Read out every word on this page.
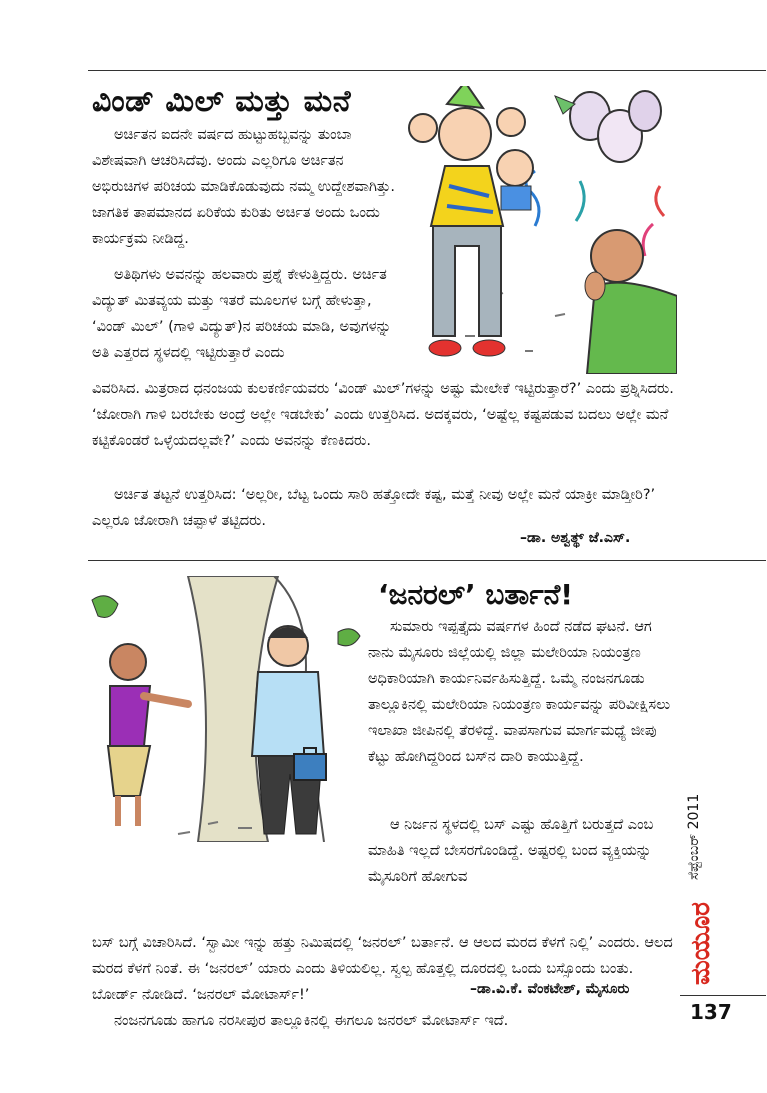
ವಿಂಡ್ ಮಿಲ್ ಮತ್ತು ಮನೆ

ಅರ್ಚಿತನ ಐದನೇ ವರ್ಷದ ಹುಟ್ಟುಹಬ್ಬವನ್ನು ತುಂಬಾ ವಿಶೇಷವಾಗಿ ಆಚರಿಸಿದೆವು. ಅಂದು ಎಲ್ಲರಿಗೂ ಅರ್ಚಿತನ ಅಭಿರುಚಿಗಳ ಪರಿಚಯ ಮಾಡಿಕೊಡುವುದು ನಮ್ಮ ಉದ್ದೇಶವಾಗಿತ್ತು. ಜಾಗತಿಕ ತಾಪಮಾನದ ಏರಿಕೆಯ ಕುರಿತು ಅರ್ಚಿತ ಅಂದು ಒಂದು ಕಾರ್ಯಕ್ರಮ ನೀಡಿದ್ದ.

ಅತಿಥಿಗಳು ಅವನನ್ನು ಹಲವಾರು ಪ್ರಶ್ನೆ ಕೇಳುತ್ತಿದ್ದರು. ಅರ್ಚಿತ ವಿದ್ಯುತ್ ಮಿತವ್ಯಯ ಮತ್ತು ಇತರೆ ಮೂಲಗಳ ಬಗ್ಗೆ ಹೇಳುತ್ತಾ, ‘ವಿಂಡ್ ಮಿಲ್’ (ಗಾಳಿ ವಿದ್ಯುತ್)ನ ಪರಿಚಯ ಮಾಡಿ, ಅವುಗಳನ್ನು ಅತಿ ಎತ್ತರದ ಸ್ಥಳದಲ್ಲಿ ಇಟ್ಟಿರುತ್ತಾರೆ ಎಂದು

ವಿವರಿಸಿದ. ಮಿತ್ರರಾದ ಧನಂಜಯ ಕುಲಕರ್ಣಿಯವರು ‘ವಿಂಡ್ ಮಿಲ್’ಗಳನ್ನು ಅಷ್ಟು ಮೇಲೇಕೆ ಇಟ್ಟಿರುತ್ತಾರೆ?’ ಎಂದು ಪ್ರಶ್ನಿಸಿದರು. ‘ಜೋರಾಗಿ ಗಾಳಿ ಬರಬೇಕು ಅಂದ್ರೆ ಅಲ್ಲೇ ಇಡಬೇಕು’ ಎಂದು ಉತ್ತರಿಸಿದ. ಅದಕ್ಕವರು, ‘ಅಷ್ಟೆಲ್ಲ ಕಷ್ಟಪಡುವ ಬದಲು ಅಲ್ಲೇ ಮನೆ ಕಟ್ಟಿಕೊಂಡರೆ ಒಳ್ಳೆಯದಲ್ಲವೇ?’ ಎಂದು ಅವನನ್ನು ಕೆಣಕಿದರು.

ಅರ್ಚಿತ ತಟ್ಟನೆ ಉತ್ತರಿಸಿದ: ‘ಅಲ್ಲರೀ, ಬೆಟ್ಟ ಒಂದು ಸಾರಿ ಹತ್ತೋದೇ ಕಷ್ಟ, ಮತ್ತೆ ನೀವು ಅಲ್ಲೇ ಮನೆ ಯಾಕ್ರೀ ಮಾಡ್ತೀರಿ?’ ಎಲ್ಲರೂ ಜೋರಾಗಿ ಚಪ್ಪಾಳೆ ತಟ್ಟಿದರು.

–ಡಾ. ಅಶ್ವತ್ಥ್ ಜೆ.ಎಸ್.
‘ಜನರಲ್’ ಬರ್ತಾನೆ!

ಸುಮಾರು ಇಪ್ಪತ್ತೈದು ವರ್ಷಗಳ ಹಿಂದೆ ನಡೆದ ಘಟನೆ. ಆಗ ನಾನು ಮೈಸೂರು ಜಿಲ್ಲೆಯಲ್ಲಿ ಜಿಲ್ಲಾ ಮಲೇರಿಯಾ ನಿಯಂತ್ರಣ ಅಧಿಕಾರಿಯಾಗಿ ಕಾರ್ಯನಿರ್ವಹಿಸುತ್ತಿದ್ದೆ. ಒಮ್ಮೆ ನಂಜನಗೂಡು ತಾಲ್ಲೂಕಿನಲ್ಲಿ ಮಲೇರಿಯಾ ನಿಯಂತ್ರಣ ಕಾರ್ಯವನ್ನು ಪರಿವೀಕ್ಷಿಸಲು ಇಲಾಖಾ ಜೀಪಿನಲ್ಲಿ ತೆರಳಿದ್ದೆ. ವಾಪಸಾಗುವ ಮಾರ್ಗಮಧ್ಯೆ ಜೀಪು ಕೆಟ್ಟು ಹೋಗಿದ್ದರಿಂದ ಬಸ್‌ನ ದಾರಿ ಕಾಯುತ್ತಿದ್ದೆ.

ಆ ನಿರ್ಜನ ಸ್ಥಳದಲ್ಲಿ ಬಸ್ ಎಷ್ಟು ಹೊತ್ತಿಗೆ ಬರುತ್ತದೆ ಎಂಬ ಮಾಹಿತಿ ಇಲ್ಲದೆ ಬೇಸರಗೊಂಡಿದ್ದೆ. ಅಷ್ಟರಲ್ಲಿ ಬಂದ ವ್ಯಕ್ತಿಯನ್ನು ಮೈಸೂರಿಗೆ ಹೋಗುವ

ಬಸ್ ಬಗ್ಗೆ ವಿಚಾರಿಸಿದೆ. ‘ಸ್ವಾಮೀ ಇನ್ನು ಹತ್ತು ನಿಮಿಷದಲ್ಲಿ ‘ಜನರಲ್’ ಬರ್ತಾನೆ. ಆ ಆಲದ ಮರದ ಕೆಳಗೆ ನಿಲ್ಲಿ’ ಎಂದರು. ಆಲದ ಮರದ ಕೆಳಗೆ ನಿಂತೆ. ಈ ‘ಜನರಲ್’ ಯಾರು ಎಂದು ತಿಳಿಯಲಿಲ್ಲ. ಸ್ವಲ್ಪ ಹೊತ್ತಲ್ಲಿ ದೂರದಲ್ಲಿ ಒಂದು ಬಸ್ಸೊಂದು ಬಂತು. ಬೋರ್ಡ್ ನೋಡಿದೆ. ‘ಜನರಲ್ ಮೋಟಾರ್ಸ್!’
ನಂಜನಗೂಡು ಹಾಗೂ ನರಸೀಪುರ ತಾಲ್ಲೂಕಿನಲ್ಲಿ ಈಗಲೂ ಜನರಲ್ ಮೋಟಾರ್ಸ್ ಇದೆ.

–ಡಾ.ವಿ.ಕೆ. ವೆಂಕಟೇಶ್, ಮೈಸೂರು
ಸೆಪ್ಟೆಂಬರ್ 2011
ಮಯೂರ
137
